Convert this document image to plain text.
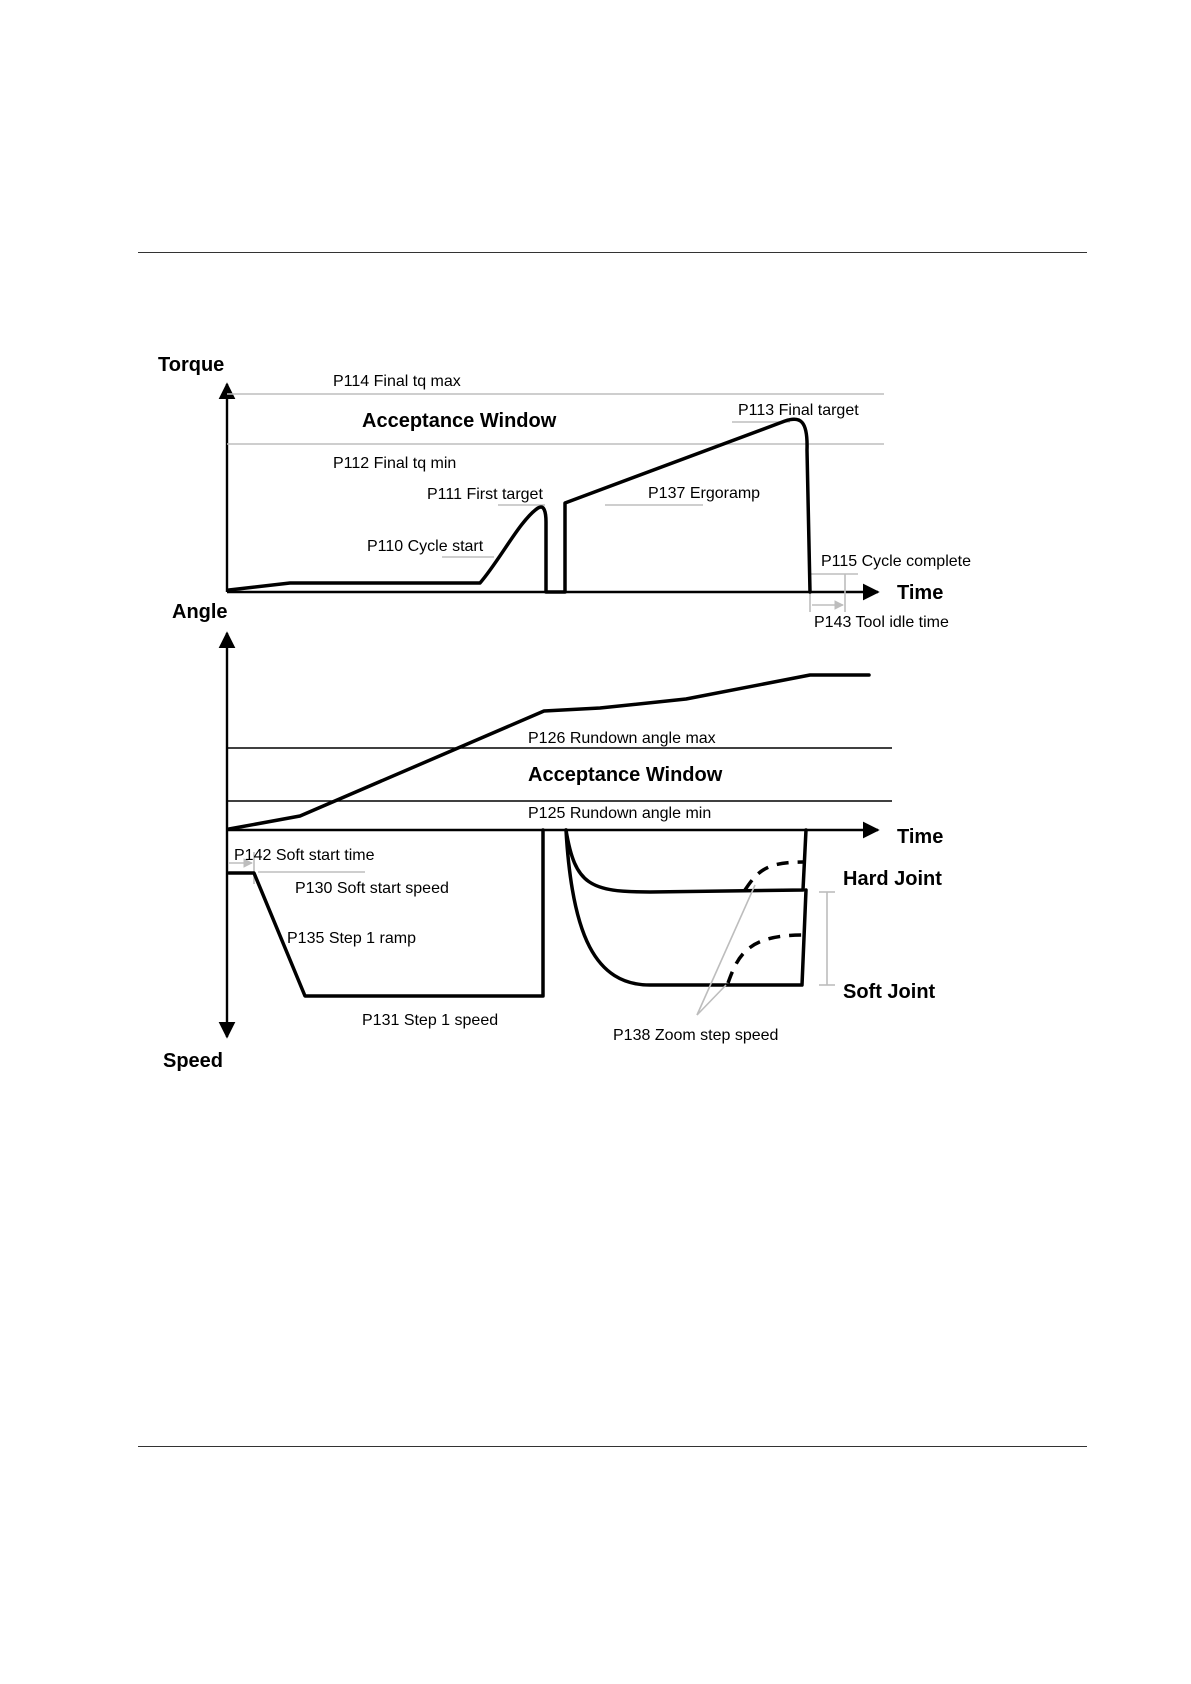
Torque
Time
P114 Final tq max
Acceptance Window
P112 Final tq min
P113 Final target
P111 First target	P137 Ergoramp
P110 Cycle start
P115 Cycle complete
P143 Tool idle time
Angle
Time
P126 Rundown angle max
Acceptance Window
P125 Rundown angle min
Speed
P142 Soft start time
P130 Soft start speed
P135 Step 1 ramp
P131 Step 1 speed
P138 Zoom step speed
Hard Joint
Soft Joint
